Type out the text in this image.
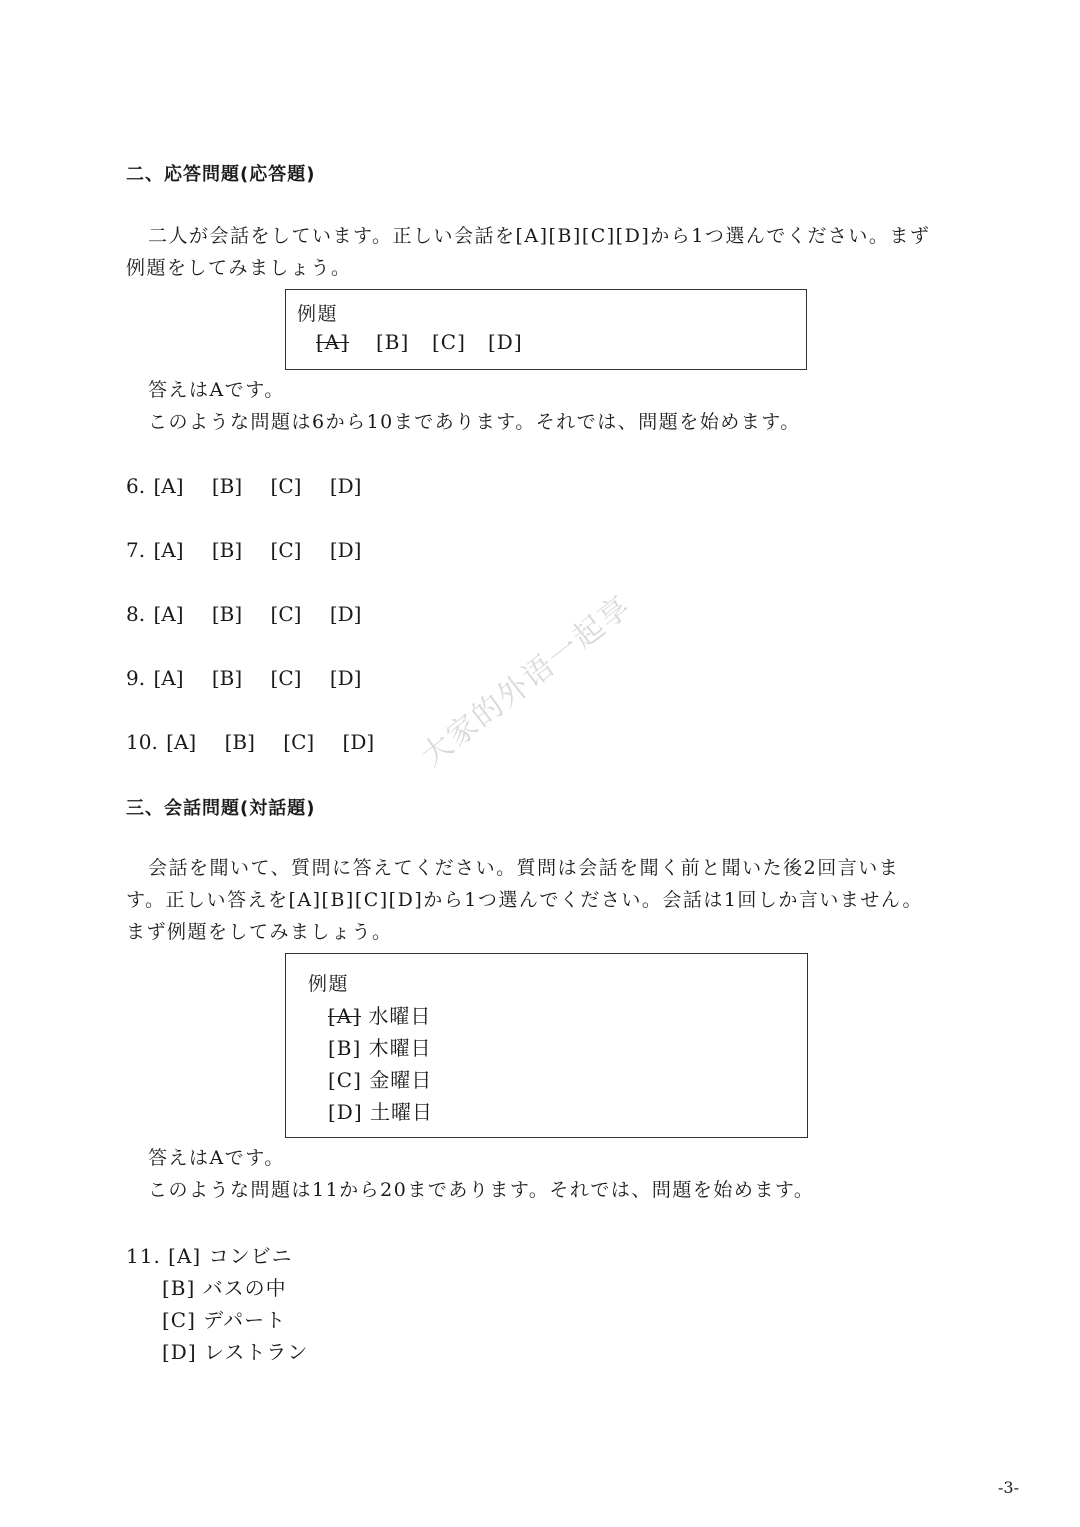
二、応答問題(応答題)
二人が会話をしています。正しい会話を[A][B][C][D]から1つ選んでください。まず
例題をしてみましょう。
例題
[A] [B] [C] [D]
答えはAです。
このような問題は6から10まであります。それでは、問題を始めます。
6. [A] [B] [C] [D]
7. [A] [B] [C] [D]
8. [A] [B] [C] [D]
9. [A] [B] [C] [D]
10. [A] [B] [C] [D]	大家的外语一起享
三、会話問題(対話題)
会話を聞いて、質問に答えてください。質問は会話を聞く前と聞いた後2回言いま
す。正しい答えを[A][B][C][D]から1つ選んでください。会話は1回しか言いません。
まず例題をしてみましょう。
例題
[A] 水曜日
[B] 木曜日
[C] 金曜日
[D] 土曜日
答えはAです。
このような問題は11から20まであります。それでは、問題を始めます。
11. [A] コンビニ
[B] バスの中
[C] デパート
[D] レストラン
-3-
